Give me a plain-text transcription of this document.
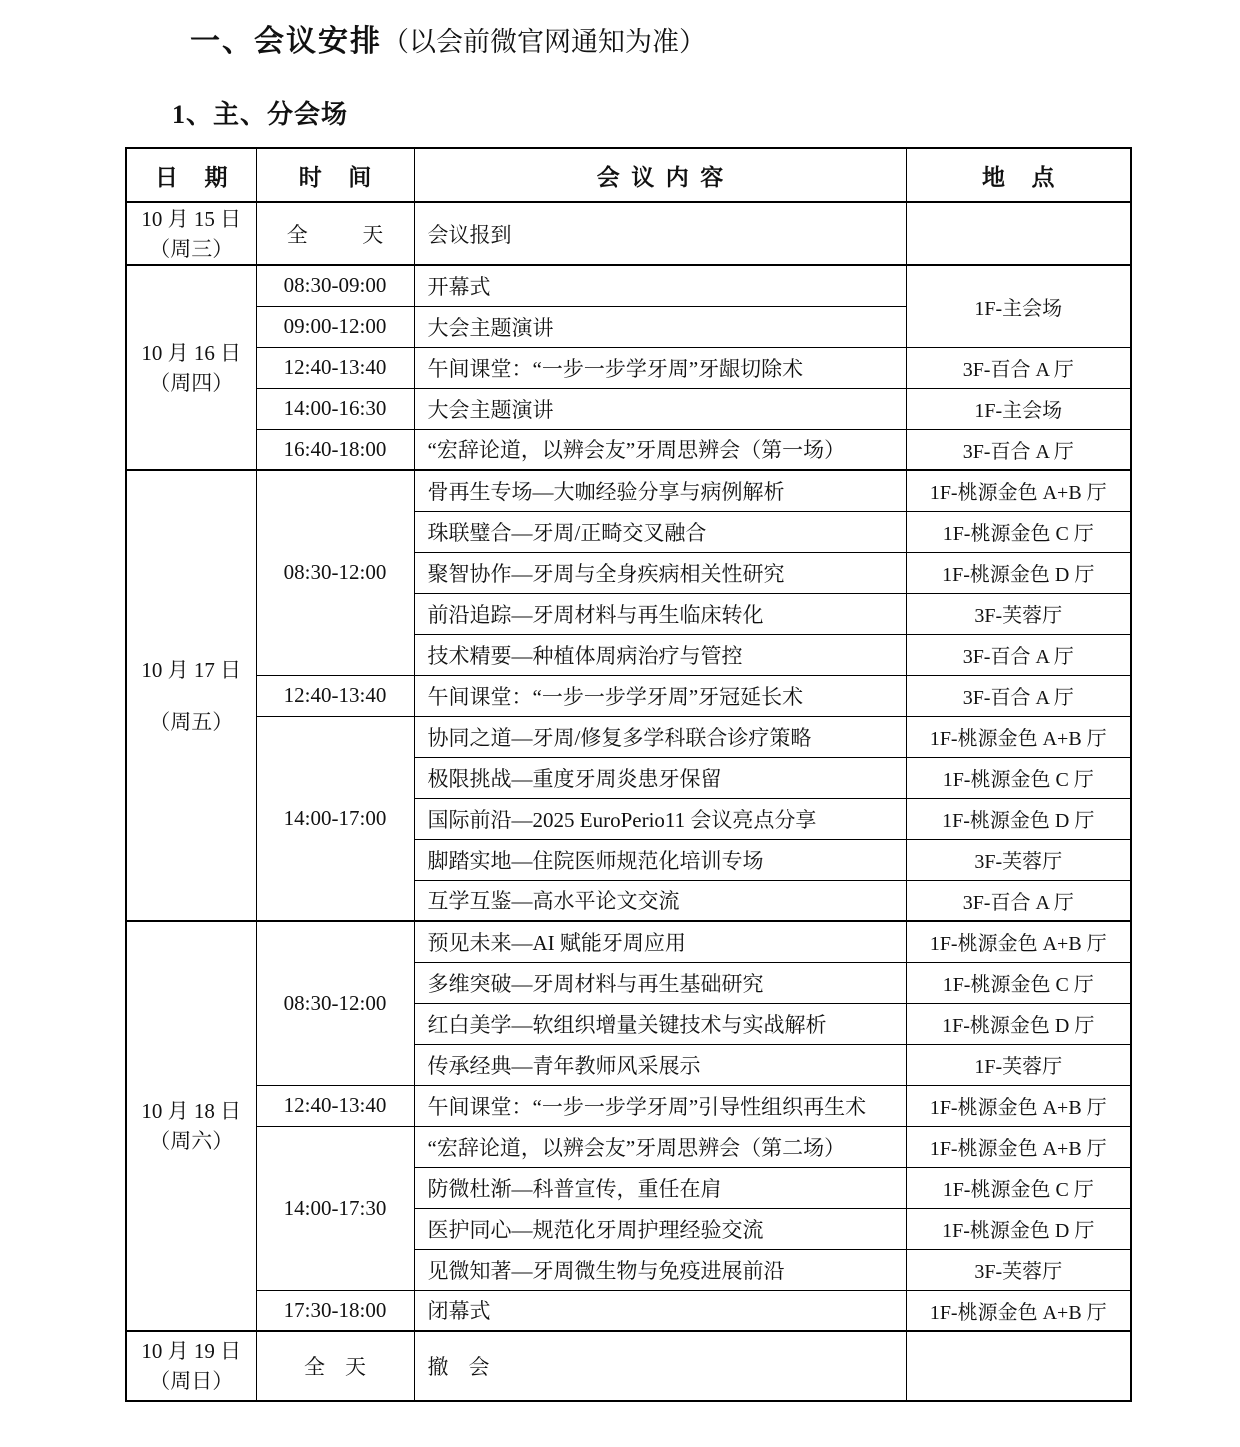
一、会议安排（以会前微官网通知为准）
1、主、分会场
日期	时间	会议内容	地点

10 月 15 日
（周三）	全天	会议报到	

10 月 16 日
（周四）	08:30-09:00	开幕式	1F-主会场
	09:00-12:00	大会主题演讲	
	12:40-13:40	午间课堂：“一步一步学牙周”牙龈切除术	3F-百合 A 厅
	14:00-16:30	大会主题演讲	1F-主会场
	16:40-18:00	“宏辞论道，以辨会友”牙周思辨会（第一场）	3F-百合 A 厅

10 月 17 日
（周五）	08:30-12:00	骨再生专场—大咖经验分享与病例解析	1F-桃源金色 A+B 厅
		珠联璧合—牙周/正畸交叉融合	1F-桃源金色 C 厅
		聚智协作—牙周与全身疾病相关性研究	1F-桃源金色 D 厅
		前沿追踪—牙周材料与再生临床转化	3F-芙蓉厅
		技术精要—种植体周病治疗与管控	3F-百合 A 厅
	12:40-13:40	午间课堂：“一步一步学牙周”牙冠延长术	3F-百合 A 厅
	14:00-17:00	协同之道—牙周/修复多学科联合诊疗策略	1F-桃源金色 A+B 厅
		极限挑战—重度牙周炎患牙保留	1F-桃源金色 C 厅
		国际前沿—2025 EuroPerio11 会议亮点分享	1F-桃源金色 D 厅
		脚踏实地—住院医师规范化培训专场	3F-芙蓉厅
		互学互鉴—高水平论文交流	3F-百合 A 厅

10 月 18 日
（周六）	08:30-12:00	预见未来—AI 赋能牙周应用	1F-桃源金色 A+B 厅
		多维突破—牙周材料与再生基础研究	1F-桃源金色 C 厅
		红白美学—软组织增量关键技术与实战解析	1F-桃源金色 D 厅
		传承经典—青年教师风采展示	1F-芙蓉厅
	12:40-13:40	午间课堂：“一步一步学牙周”引导性组织再生术	1F-桃源金色 A+B 厅
	14:00-17:30	“宏辞论道，以辨会友”牙周思辨会（第二场）	1F-桃源金色 A+B 厅
		防微杜渐—科普宣传，重任在肩	1F-桃源金色 C 厅
		医护同心—规范化牙周护理经验交流	1F-桃源金色 D 厅
		见微知著—牙周微生物与免疫进展前沿	3F-芙蓉厅
	17:30-18:00	闭幕式	1F-桃源金色 A+B 厅

10 月 19 日
（周日）	全天	撤会	
